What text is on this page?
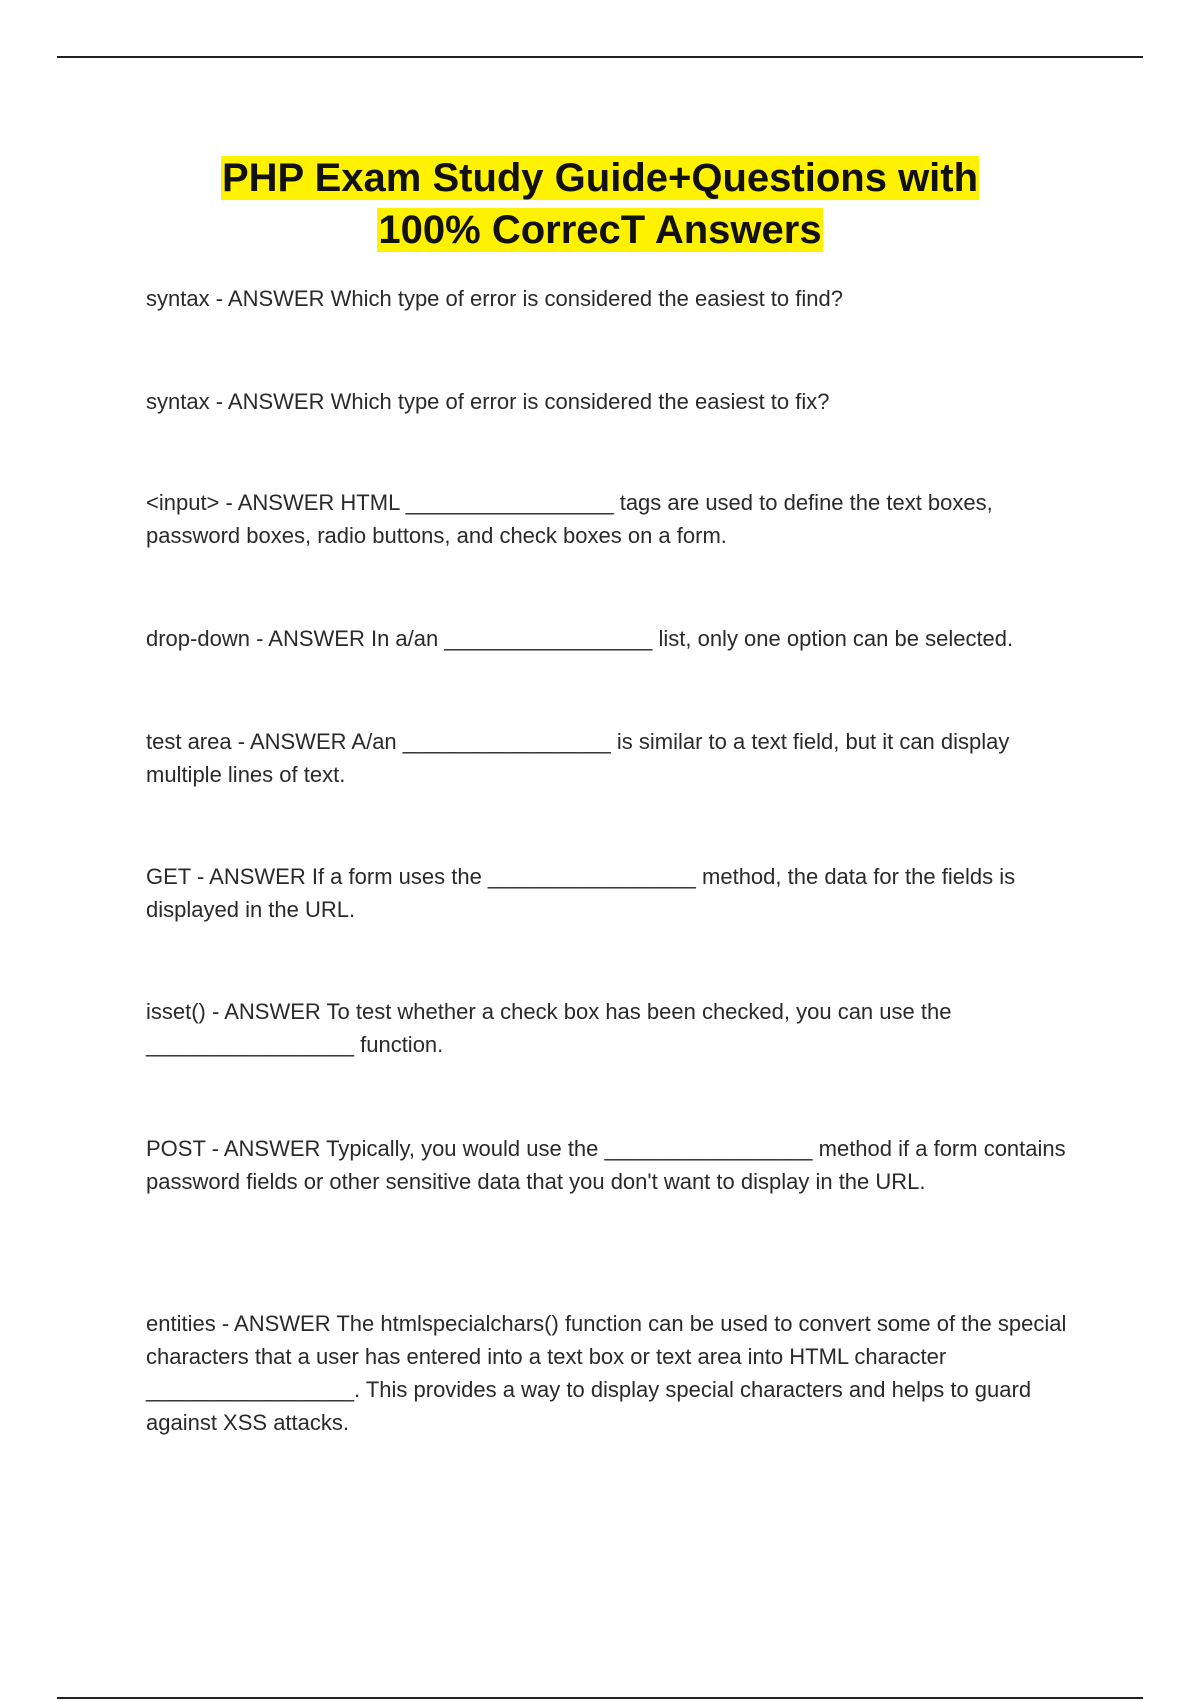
PHP Exam Study Guide+Questions with
100% CorrecT Answers

syntax - ANSWER Which type of error is considered the easiest to find?

syntax - ANSWER Which type of error is considered the easiest to fix?

<input> - ANSWER HTML _________________ tags are used to define the text boxes, password boxes, radio buttons, and check boxes on a form.

drop-down - ANSWER In a/an _________________ list, only one option can be selected.

test area - ANSWER A/an _________________ is similar to a text field, but it can display multiple lines of text.

GET - ANSWER If a form uses the _________________ method, the data for the fields is displayed in the URL.

isset() - ANSWER To test whether a check box has been checked, you can use the _________________ function.

POST - ANSWER Typically, you would use the _________________ method if a form contains password fields or other sensitive data that you don't want to display in the URL.

entities - ANSWER The htmlspecialchars() function can be used to convert some of the special characters that a user has entered into a text box or text area into HTML character _________________. This provides a way to display special characters and helps to guard against XSS attacks.
